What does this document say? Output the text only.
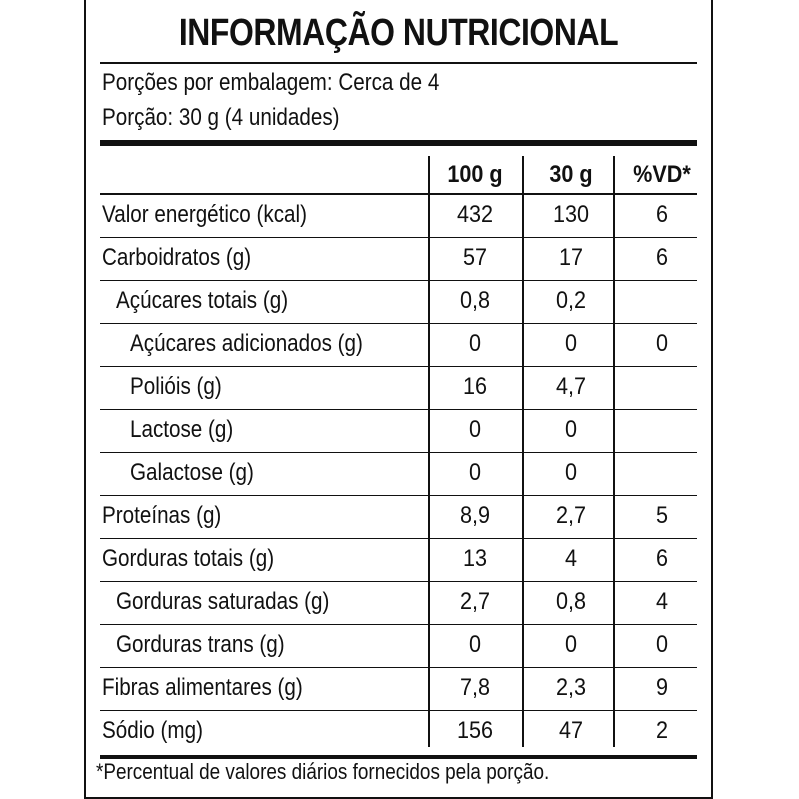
INFORMAÇÃO NUTRICIONAL
Porções por embalagem: Cerca de 4
Porção: 30 g (4 unidades)
100 g	30 g	%VD*
Valor energético (kcal)	432	130	6
Carboidratos (g)	57	17	6
Açúcares totais (g)	0,8	0,2
Açúcares adicionados (g)	0	0	0
Polióis (g)	16	4,7
Lactose (g)	0	0
Galactose (g)	0	0
Proteínas (g)	8,9	2,7	5
Gorduras totais (g)	13	4	6
Gorduras saturadas (g)	2,7	0,8	4
Gorduras trans (g)	0	0	0
Fibras alimentares (g)	7,8	2,3	9
Sódio (mg)	156	47	2
*Percentual de valores diários fornecidos pela porção.
